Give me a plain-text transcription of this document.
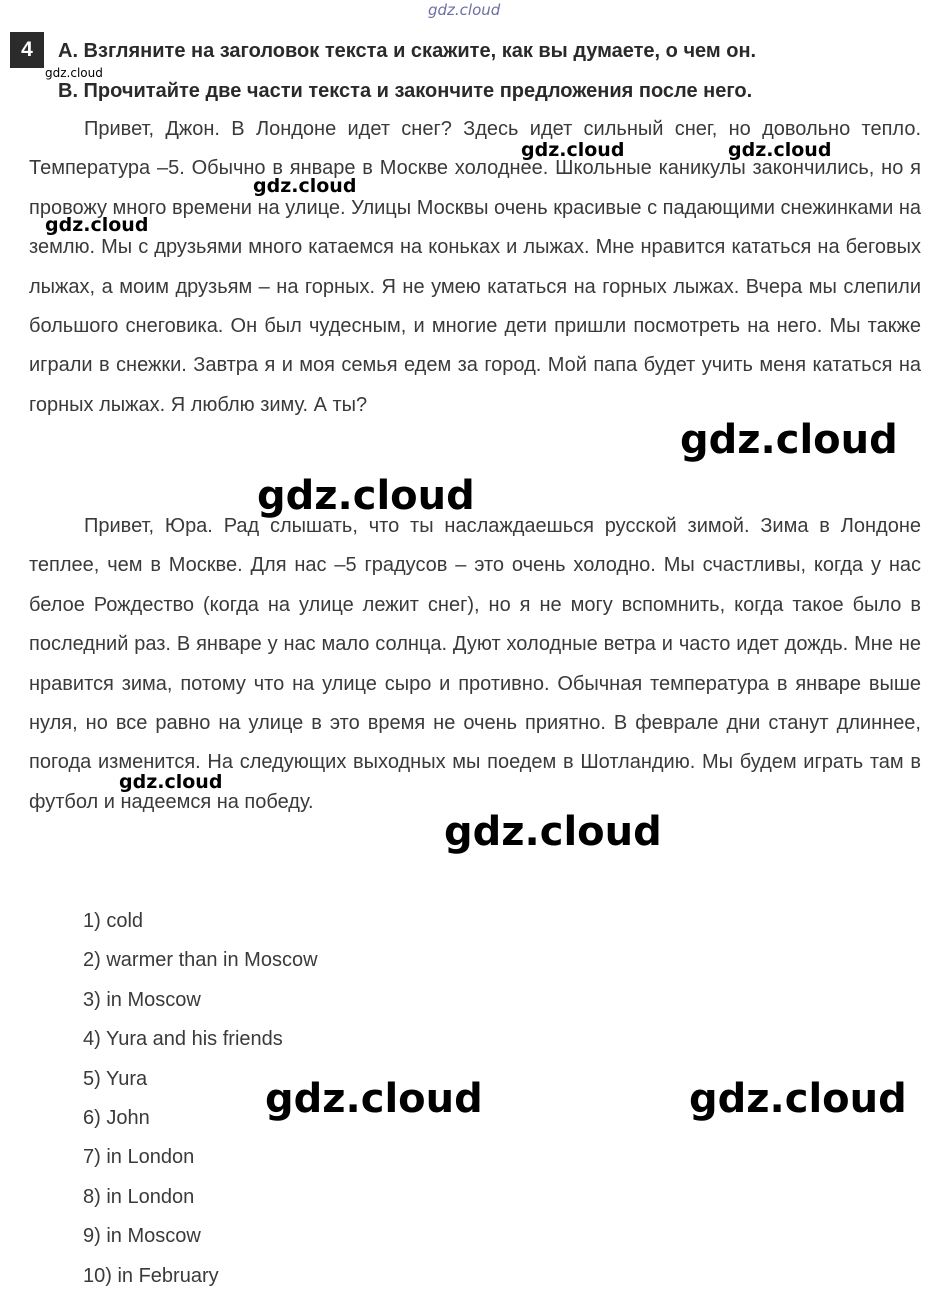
gdz.cloud
4	A. Взгляните на заголовок текста и скажите, как вы думаете, о чем он.
B. Прочитайте две части текста и закончите предложения после него.

Привет, Джон. В Лондоне идет снег? Здесь идет сильный снег, но довольно тепло. Температура –5. Обычно в январе в Москве холоднее. Школьные каникулы закончились, но я провожу много времени на улице. Улицы Москвы очень красивые с падающими снежинками на землю. Мы с друзьями много катаемся на коньках и лыжах. Мне нравится кататься на беговых лыжах, а моим друзьям – на горных. Я не умею кататься на горных лыжах. Вчера мы слепили большого снеговика. Он был чудесным, и многие дети пришли посмотреть на него. Мы также играли в снежки. Завтра я и моя семья едем за город. Мой папа будет учить меня кататься на горных лыжах. Я люблю зиму. А ты?

Привет, Юра. Рад слышать, что ты наслаждаешься русской зимой. Зима в Лондоне теплее, чем в Москве. Для нас –5 градусов – это очень холодно. Мы счастливы, когда у нас белое Рождество (когда на улице лежит снег), но я не могу вспомнить, когда такое было в последний раз. В январе у нас мало солнца. Дуют холодные ветра и часто идет дождь. Мне не нравится зима, потому что на улице сыро и противно. Обычная температура в январе выше нуля, но все равно на улице в это время не очень приятно. В феврале дни станут длиннее, погода изменится. На следующих выходных мы поедем в Шотландию. Мы будем играть там в футбол и надеемся на победу.

1) cold
2) warmer than in Moscow
3) in Moscow
4) Yura and his friends
5) Yura
6) John
7) in London
8) in London
9) in Moscow
10) in February
gdz.cloud
gdz.cloud	gdz.cloud
gdz.cloud
gdz.cloud
gdz.cloud
gdz.cloud
gdz.cloud
gdz.cloud
gdz.cloud	gdz.cloud
